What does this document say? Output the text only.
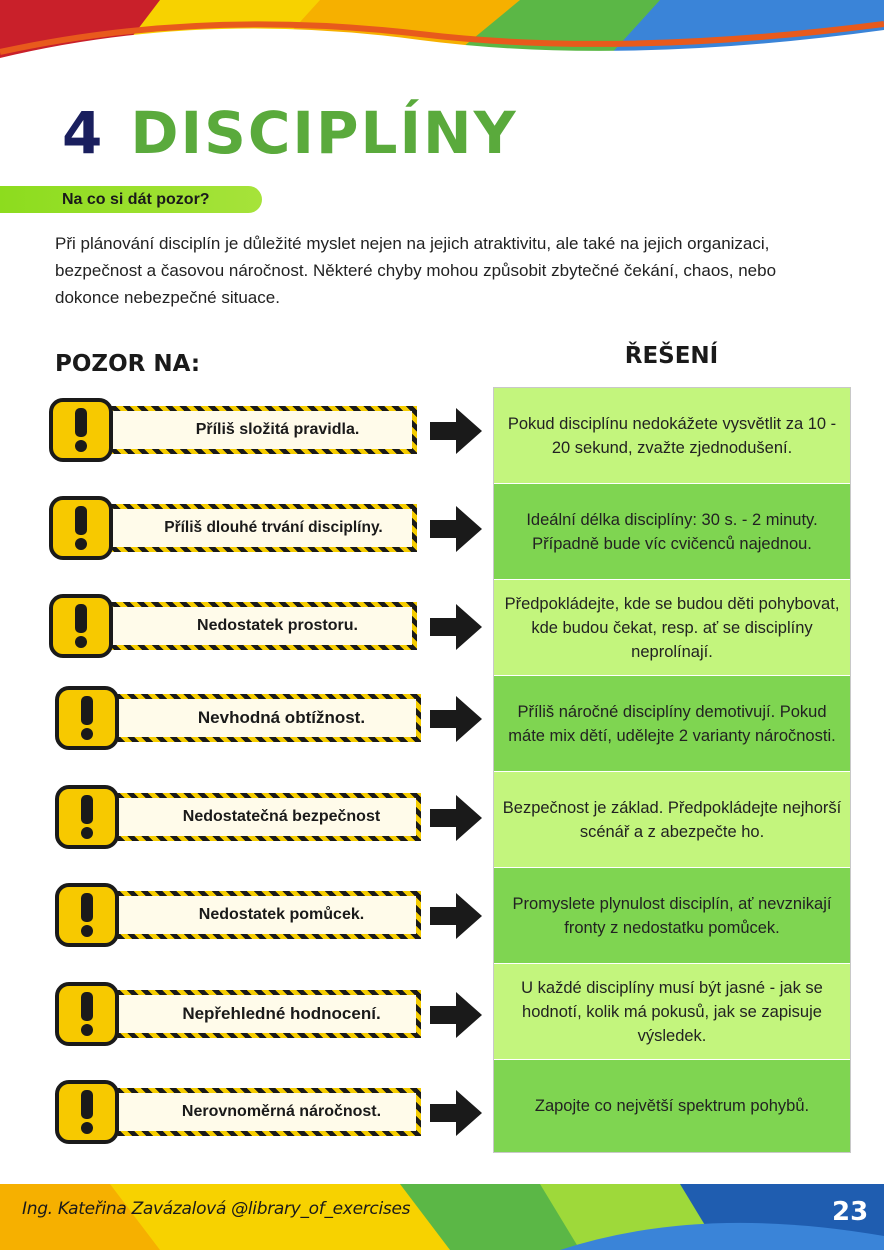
4 DISCIPLÍNY
Na co si dát pozor?

Při plánování disciplín je důležité myslet nejen na jejich atraktivitu, ale také na jejich organizaci, bezpečnost a časovou náročnost. Některé chyby mohou způsobit zbytečné čekání, chaos, nebo dokonce nebezpečné situace.

POZOR NA:	ŘEŠENÍ
Příliš složitá pravidla.
Příliš dlouhé trvání disciplíny.
Nedostatek prostoru.
Nevhodná obtížnost.
Nedostatečná bezpečnost
Nedostatek pomůcek.
Nepřehledné hodnocení.
Nerovnoměrná náročnost.
Pokud disciplínu nedokážete vysvětlit za 10 - 20 sekund, zvažte zjednodušení.
Ideální délka disciplíny: 30 s. - 2 minuty. Případně bude víc cvičenců najednou.
Předpokládejte, kde se budou děti pohybovat, kde budou čekat, resp. ať se disciplíny neprolínají.
Příliš náročné disciplíny demotivují. Pokud máte mix dětí, udělejte 2 varianty náročnosti.
Bezpečnost je základ. Předpokládejte nejhorší scénář a z abezpečte ho.
Promyslete plynulost disciplín, ať nevznikají fronty z nedostatku pomůcek.
U každé disciplíny musí být jasné - jak se hodnotí, kolik má pokusů, jak se zapisuje výsledek.
Zapojte co největší spektrum pohybů.
Ing. Kateřina Zavázalová @library_of_exercises	23
